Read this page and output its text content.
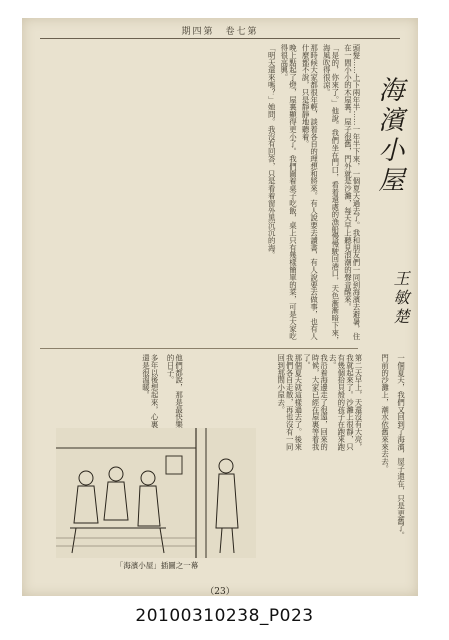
期四第　卷七第
海濱小屋
王敏楚

頭髮……上下兩年半……一年半下來，一個夏天過去了。我和朋友們一同到海濱去避暑，住在一間小小的木屋裏。屋子很舊，門外就是沙灘，每天早上聽見浪潮的聲音醒來。

「是的，你來了。」他說。我們坐在門口，看着遠處的漁船慢慢駛回港口，天色漸漸暗下來，海風吹得很涼。

那時候大家都很年輕，談着各自的理想和將來。有人說要去讀書，有人說要去做事，也有人什麼都不說，只是靜靜地聽着。

晚上點起了燈，屋裏顯得更小了。我們圍着桌子吃飯，桌上只有幾樣簡單的菜，可是大家吃得很高興。

「明天還來嗎？」她問。我沒有回答，只是看着窗外黑沉沉的海。

一個夏天，我們又回到了海濱，屋子還在，只是更舊了。

門前的沙灘上，潮水依舊來來去去。

第二天早上，天還沒有大亮，我就起來了。沙灘上很靜，只有幾個拾貝殼的孩子在跑來跑去。

我沿着海邊走了很遠，回來的時候，大家已經在屋裏等着我了。

那個夏天就這樣過去了。後來我們各自走散，再也沒有一同回到那間小屋去。

他們都說，那是最快樂的日子。

多年以後想起來，心裏還是很溫暖。

「海濱小屋」插圖之一幕
（23）
20100310238_P023
